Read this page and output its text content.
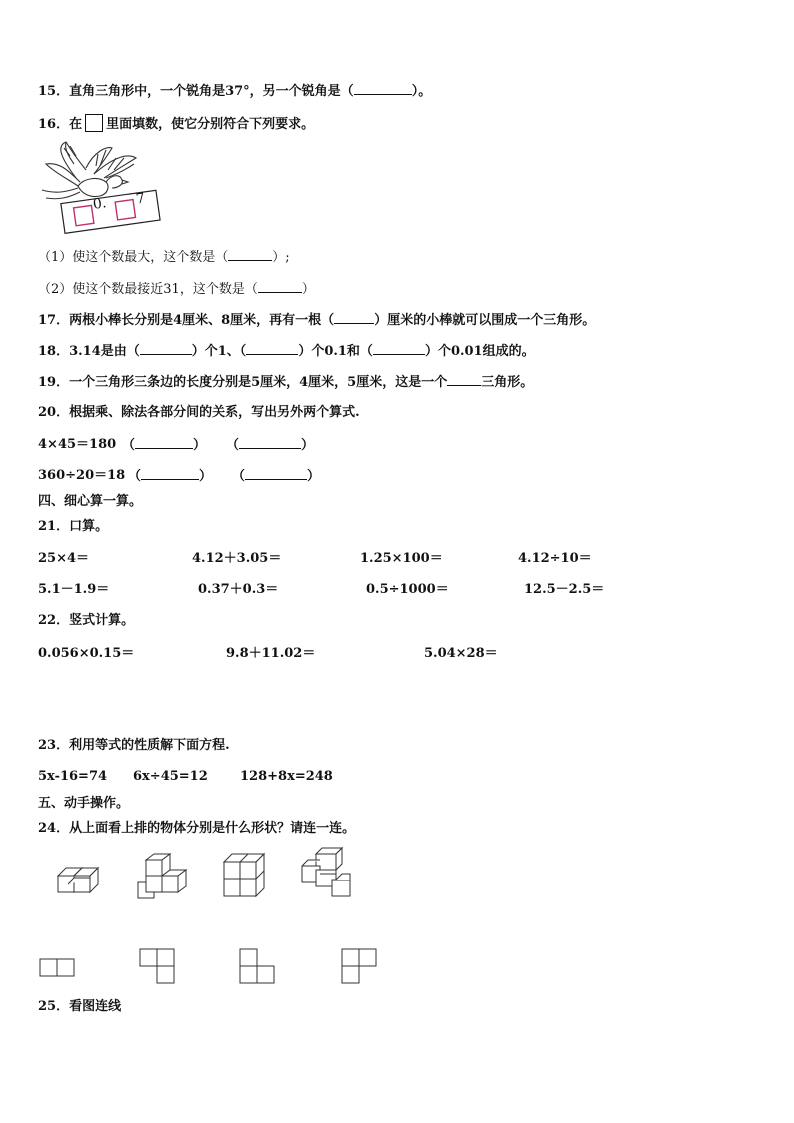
15．直角三角形中，一个锐角是37°，另一个锐角是（	）。
16．在 里面填数，使它分别符合下列要求。
0. 7
（1）使这个数最大，这个数是（	）;
（2）使这个数最接近31，这个数是（	）
17．两根小棒长分别是4厘米、8厘米，再有一根（	）厘米的小棒就可以围成一个三角形。
18．3.14是由（	）个1、（	）个0.1和（	）个0.01组成的。
19．一个三角形三条边的长度分别是5厘米，4厘米，5厘米，这是一个	三角形。
20．根据乘、除法各部分间的关系，写出另外两个算式.
4×45＝180 （	） （	）
360÷20＝18 （	） （	）
四、细心算一算。
21．口算。
25×4＝	4.12＋3.05＝	1.25×100＝	4.12÷10＝
5.1－1.9＝	0.37＋0.3＝	0.5÷1000＝	12.5－2.5＝
22．竖式计算。
0.056×0.15＝	9.8＋11.02＝	5.04×28＝
23．利用等式的性质解下面方程.
5x-16=74 6x÷45=12 128+8x=248
五、动手操作。
24．从上面看上排的物体分别是什么形状？请连一连。
25．看图连线
